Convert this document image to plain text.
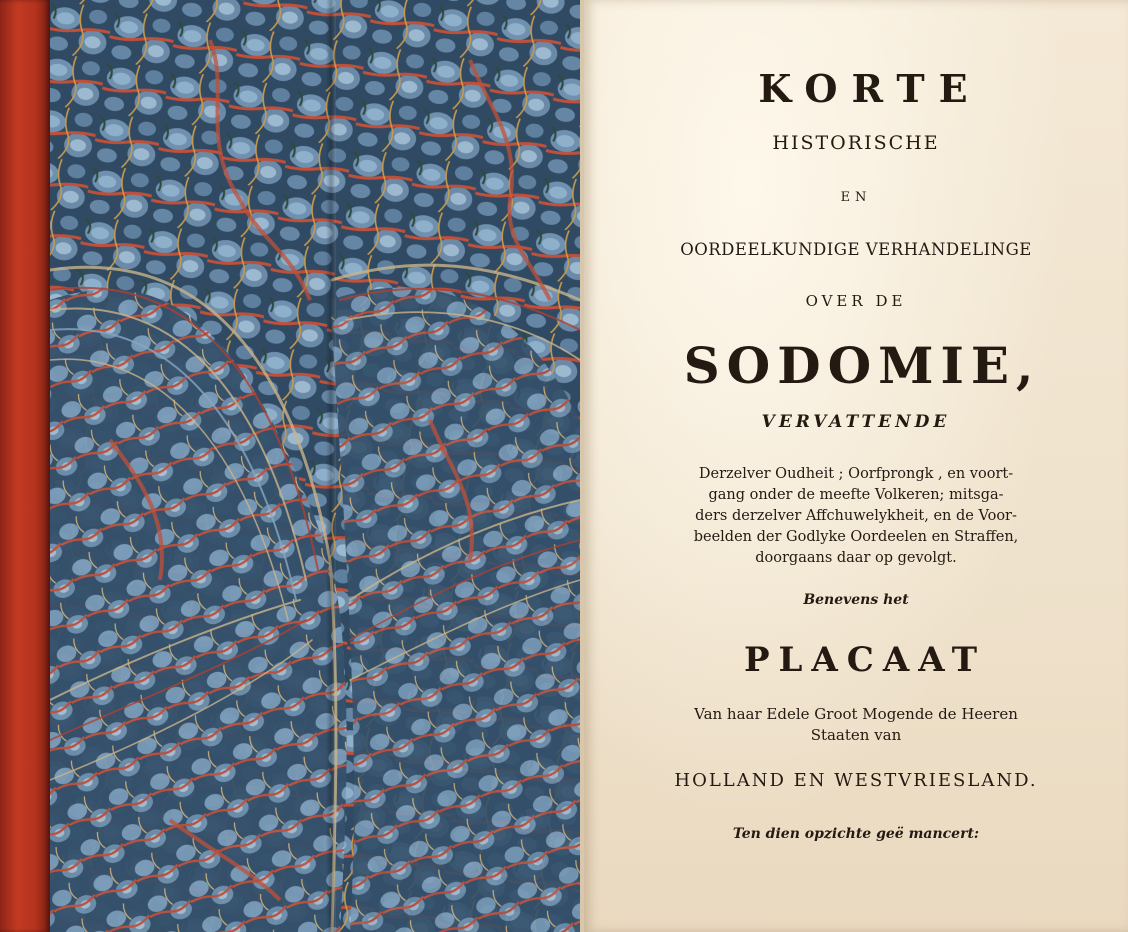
KORTE
HISTORISCHE
EN
OORDEELKUNDIGE VERHANDELINGE
OVER DE
SODOMIE,
VERVATTENDE
Derzelver Oudheit ; Oorfprongk , en voort-
gang onder de meefte Volkeren; mitsga-
ders derzelver Affchuwelykheit, en de Voor-
beelden der Godlyke Oordeelen en Straffen,
doorgaans daar op gevolgt.
Benevens het
PLACAAT
Van haar Edele Groot Mogende de Heeren
Staaten van
HOLLAND EN WESTVRIESLAND.
Ten dien opzichte geë mancert:
